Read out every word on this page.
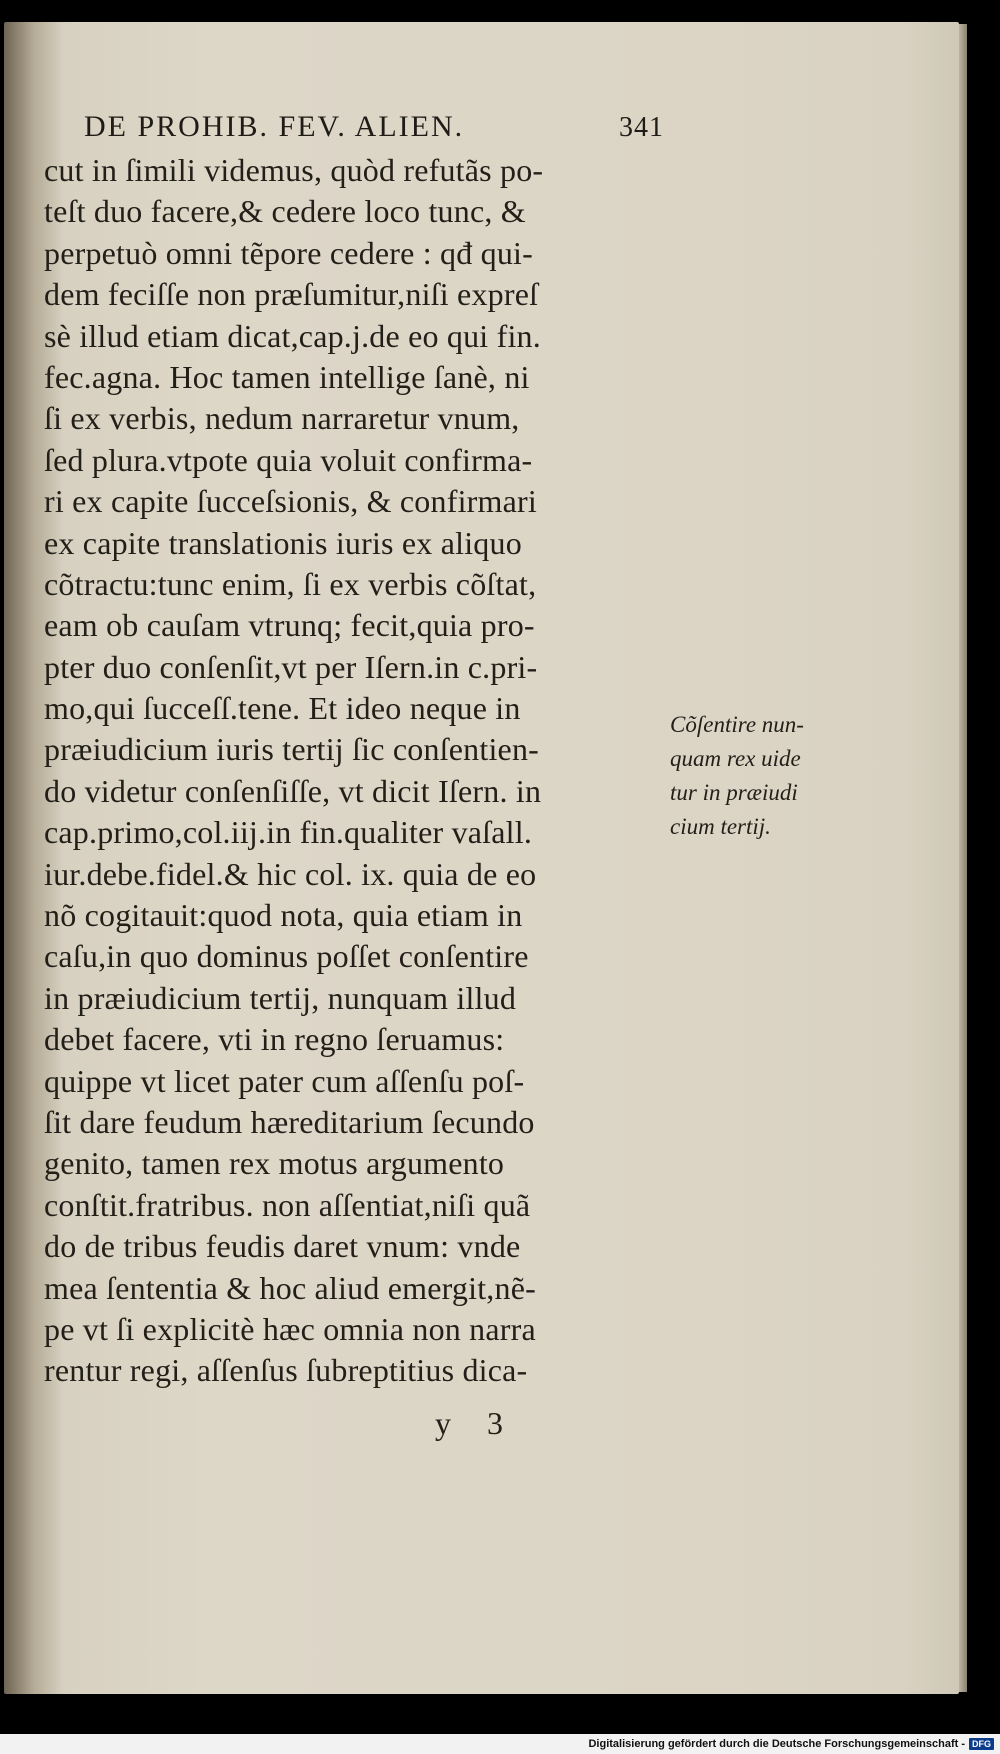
DE PROHIB. FEV. ALIEN.	341
cut in ſimili videmus, quòd refutãs po-
teſt duo facere,& cedere loco tunc, &
perpetuò omni tẽpore cedere : qđ qui-
dem feciſſe non præſumitur,niſi expreſ
sè illud etiam dicat,cap.j.de eo qui fin.
fec.agna. Hoc tamen intellige ſanè, ni
ſi ex verbis, nedum narraretur vnum,
ſed plura.vtpote quia voluit confirma-
ri ex capite ſucceſsionis, & confirmari
ex capite translationis iuris ex aliquo
cõtractu:tunc enim, ſi ex verbis cõſtat,
eam ob cauſam vtrunq; fecit,quia pro-
pter duo conſenſit,vt per Iſern.in c.pri-
mo,qui ſucceſſ.tene. Et ideo neque in
præiudicium iuris tertij ſic conſentien-
do videtur conſenſiſſe, vt dicit Iſern. in
cap.primo,col.iij.in fin.qualiter vaſall.
iur.debe.fidel.& hic col. ix. quia de eo
nõ cogitauit:quod nota, quia etiam in
caſu,in quo dominus poſſet conſentire
in præiudicium tertij, nunquam illud
debet facere, vti in regno ſeruamus:
quippe vt licet pater cum aſſenſu poſ-
ſit dare feudum hæreditarium ſecundo
genito, tamen rex motus argumento
conſtit.fratribus. non aſſentiat,niſi quã
do de tribus feudis daret vnum: vnde
mea ſententia & hoc aliud emergit,nẽ-
pe vt ſi explicitè hæc omnia non narra
rentur regi, aſſenſus ſubreptitius dica-
Cõſentire nun-
quam rex uide
tur in præiudi
cium tertij.
y 3
Digitalisierung gefördert durch die Deutsche Forschungsgemeinschaft - DFG
